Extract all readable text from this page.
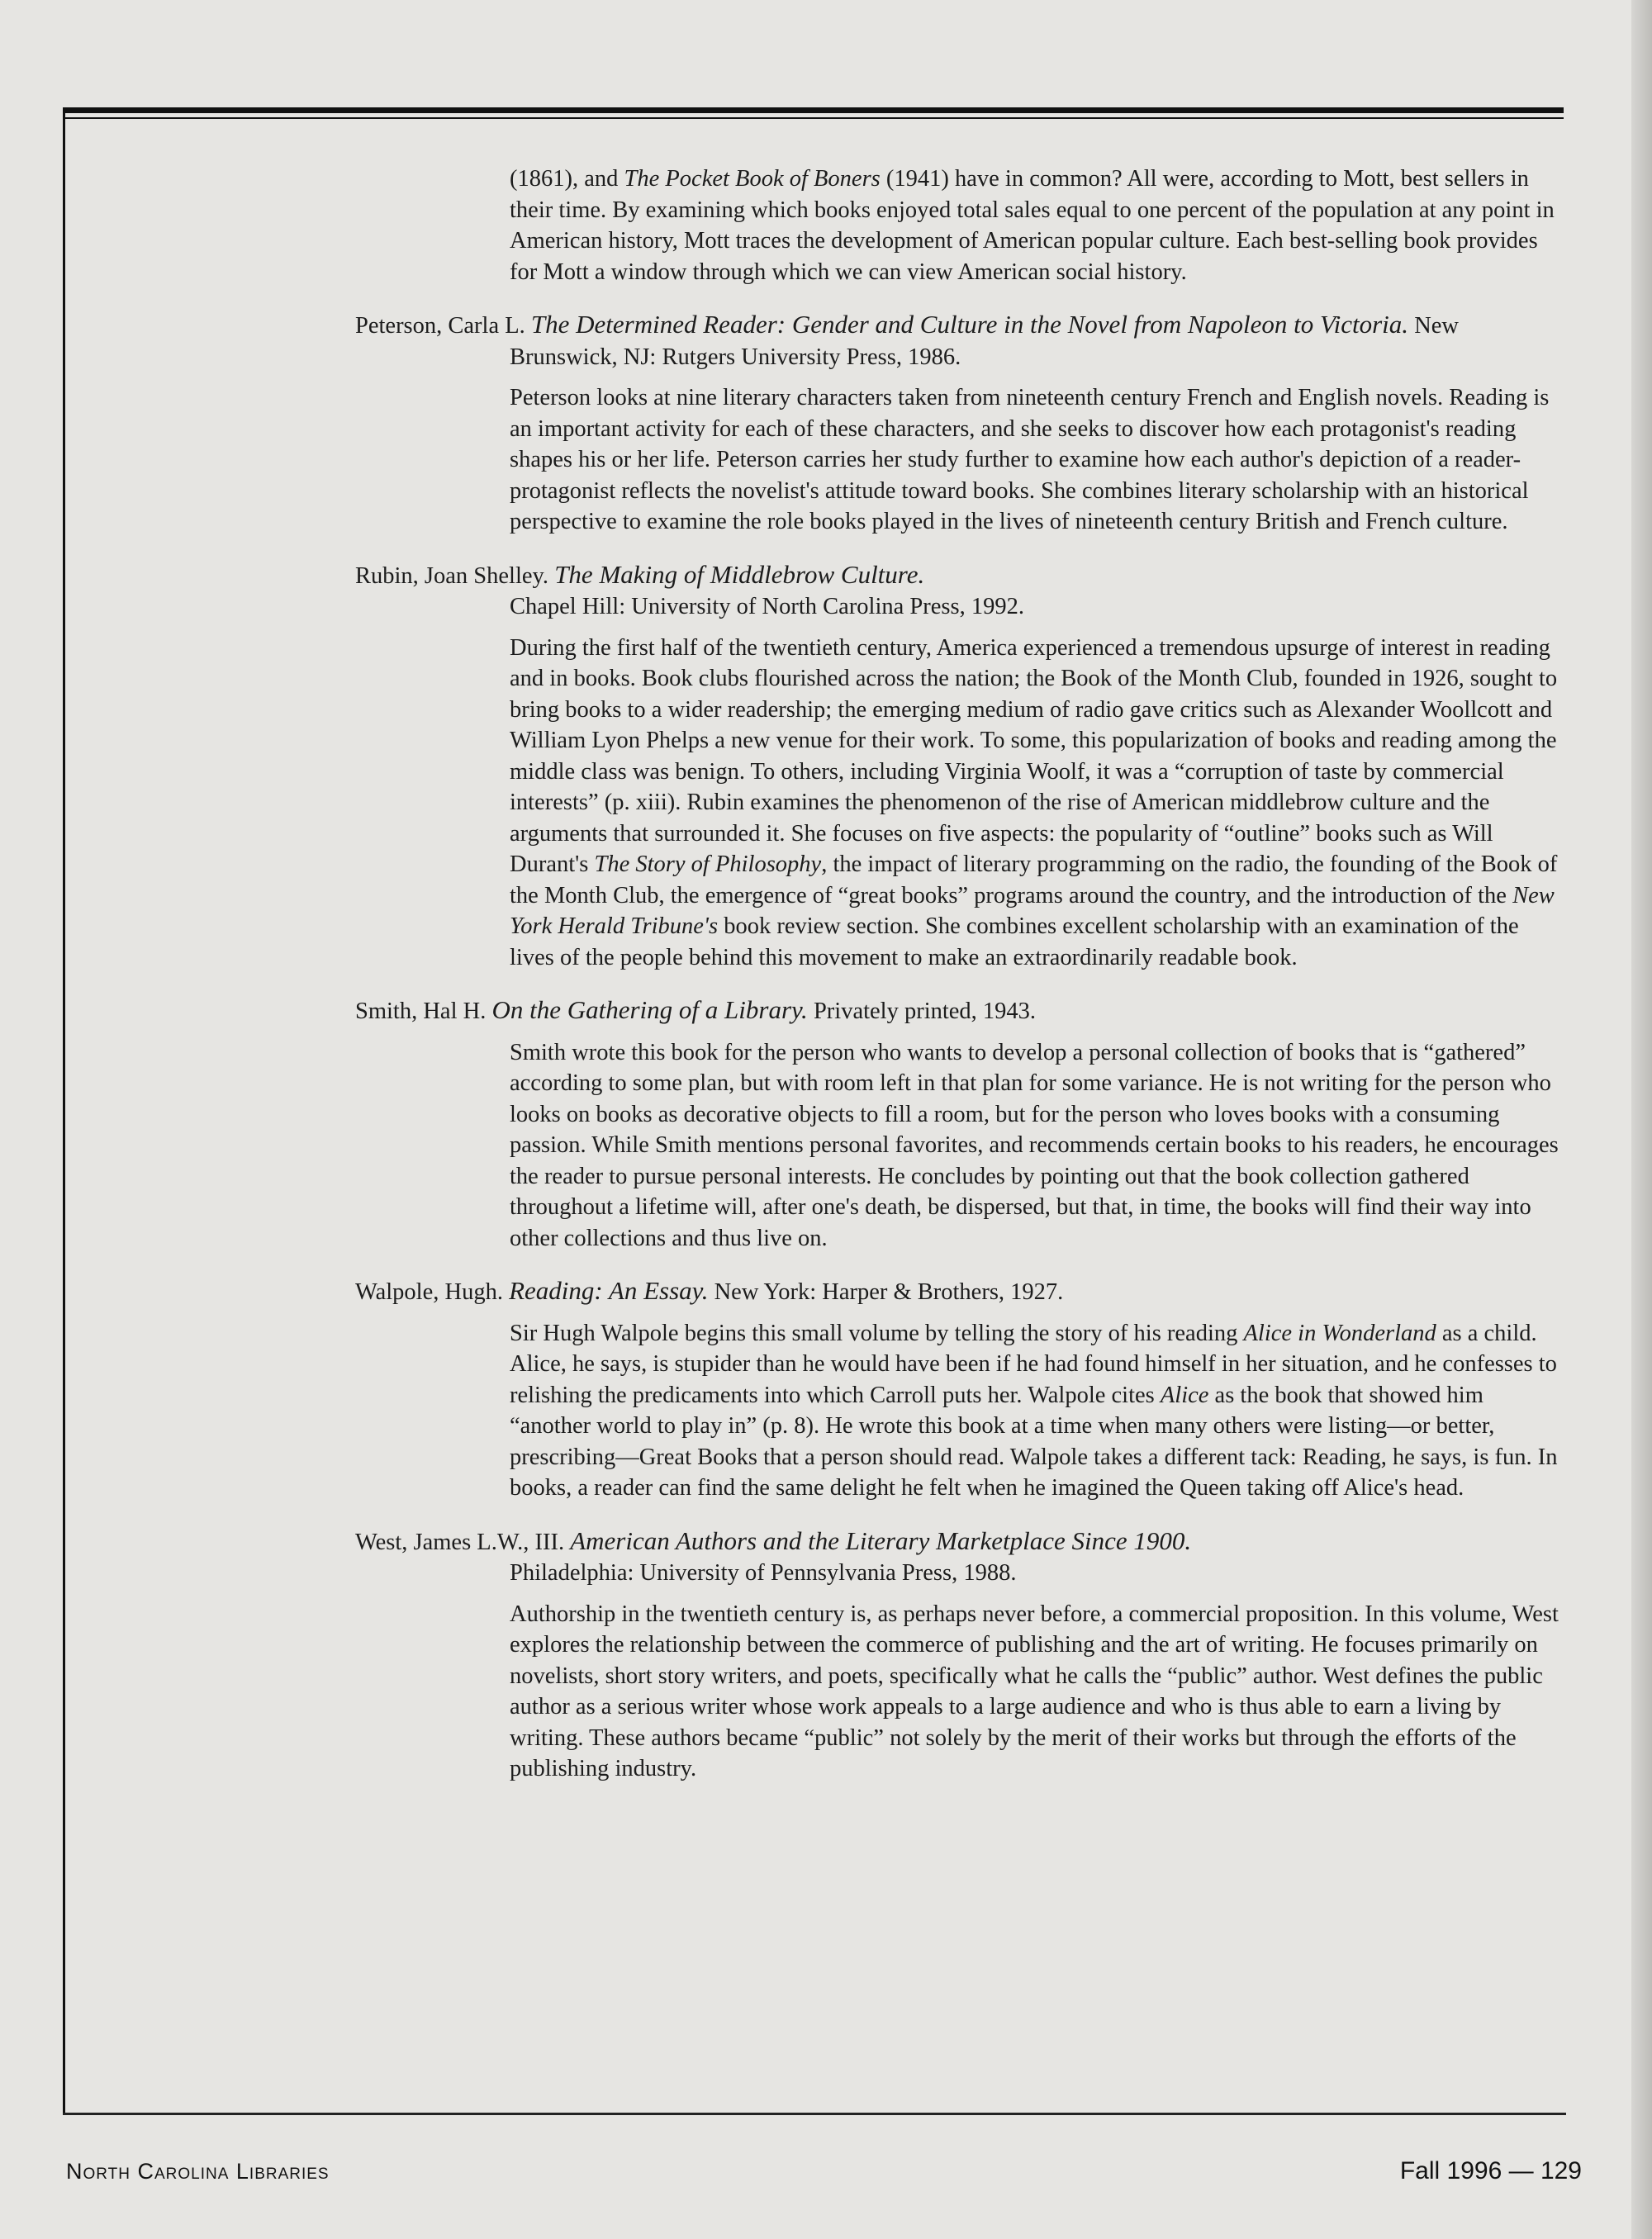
(1861), and The Pocket Book of Boners (1941) have in common? All were, according to Mott, best sellers in their time. By examining which books enjoyed total sales equal to one percent of the population at any point in American history, Mott traces the development of American popular culture. Each best-selling book provides for Mott a window through which we can view American social history.

Peterson, Carla L. The Determined Reader: Gender and Culture in the Novel from Napoleon to Victoria. New Brunswick, NJ: Rutgers University Press, 1986.

Peterson looks at nine literary characters taken from nineteenth century French and English novels. Reading is an important activity for each of these characters, and she seeks to discover how each protagonist's reading shapes his or her life. Peterson carries her study further to examine how each author's depiction of a reader-protagonist reflects the novelist's attitude toward books. She combines literary scholarship with an historical perspective to examine the role books played in the lives of nineteenth century British and French culture.

Rubin, Joan Shelley. The Making of Middlebrow Culture.
Chapel Hill: University of North Carolina Press, 1992.

During the first half of the twentieth century, America experienced a tremendous upsurge of interest in reading and in books. Book clubs flourished across the nation; the Book of the Month Club, founded in 1926, sought to bring books to a wider readership; the emerging medium of radio gave critics such as Alexander Woollcott and William Lyon Phelps a new venue for their work. To some, this popularization of books and reading among the middle class was benign. To others, including Virginia Woolf, it was a “corruption of taste by commercial interests” (p. xiii). Rubin examines the phenomenon of the rise of American middlebrow culture and the arguments that surrounded it. She focuses on five aspects: the popularity of “outline” books such as Will Durant's The Story of Philosophy, the impact of literary programming on the radio, the founding of the Book of the Month Club, the emergence of “great books” programs around the country, and the introduction of the New York Herald Tribune's book review section. She combines excellent scholarship with an examination of the lives of the people behind this movement to make an extraordinarily readable book.

Smith, Hal H. On the Gathering of a Library. Privately printed, 1943.

Smith wrote this book for the person who wants to develop a personal collection of books that is “gathered” according to some plan, but with room left in that plan for some variance. He is not writing for the person who looks on books as decorative objects to fill a room, but for the person who loves books with a consuming passion. While Smith mentions personal favorites, and recommends certain books to his readers, he encourages the reader to pursue personal interests. He concludes by pointing out that the book collection gathered throughout a lifetime will, after one's death, be dispersed, but that, in time, the books will find their way into other collections and thus live on.

Walpole, Hugh. Reading: An Essay. New York: Harper & Brothers, 1927.

Sir Hugh Walpole begins this small volume by telling the story of his reading Alice in Wonderland as a child. Alice, he says, is stupider than he would have been if he had found himself in her situation, and he confesses to relishing the predicaments into which Carroll puts her. Walpole cites Alice as the book that showed him “another world to play in” (p. 8). He wrote this book at a time when many others were listing—or better, prescribing—Great Books that a person should read. Walpole takes a different tack: Reading, he says, is fun. In books, a reader can find the same delight he felt when he imagined the Queen taking off Alice's head.

West, James L.W., III. American Authors and the Literary Marketplace Since 1900.
Philadelphia: University of Pennsylvania Press, 1988.

Authorship in the twentieth century is, as perhaps never before, a commercial proposition. In this volume, West explores the relationship between the commerce of publishing and the art of writing. He focuses primarily on novelists, short story writers, and poets, specifically what he calls the “public” author. West defines the public author as a serious writer whose work appeals to a large audience and who is thus able to earn a living by writing. These authors became “public” not solely by the merit of their works but through the efforts of the publishing industry.

North Carolina Libraries	Fall 1996 — 129
